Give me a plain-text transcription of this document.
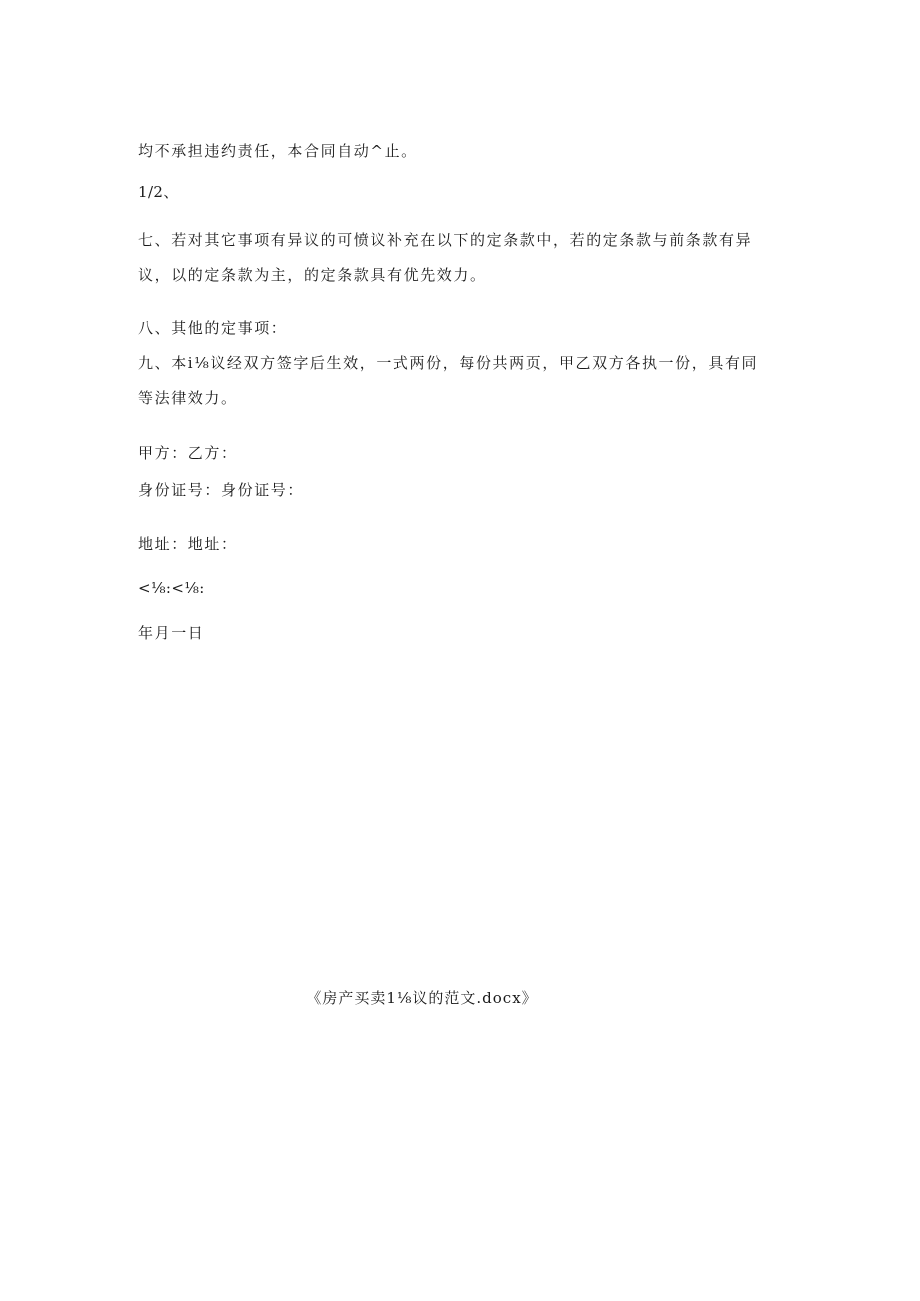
均不承担违约责任，本合同自动^止。
1/2、
七、若对其它事项有异议的可愤议补充在以下的定条款中，若的定条款与前条款有异
议，以的定条款为主，的定条款具有优先效力。
八、其他的定事项：
九、本i⅛议经双方签字后生效，一式两份，每份共两页，甲乙双方各执一份，具有同
等法律效力。
甲方：乙方：
身份证号：身份证号：
地址：地址：
<⅛:<⅛:
年月一日
《房产买卖1⅛议的范文.docx》
